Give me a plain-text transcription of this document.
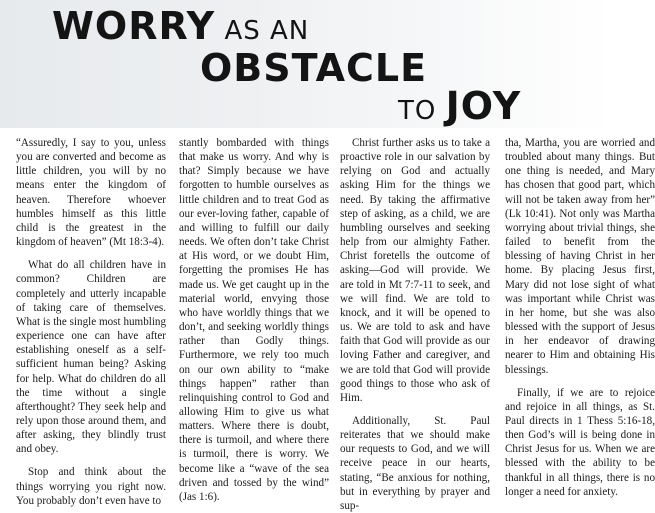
WORRY AS AN
OBSTACLE
TO JOY

“Assuredly, I say to you, unless you are converted and become as little children, you will by no means enter the kingdom of heaven. Therefore whoever humbles himself as this little child is the greatest in the kingdom of heaven” (Mt 18:3-4).

What do all children have in common? Children are completely and utterly incapable of taking care of themselves. What is the single most humbling experience one can have after establishing oneself as a self-sufficient human being? Asking for help. What do children do all the time without a single afterthought? They seek help and rely upon those around them, and after asking, they blindly trust and obey.

Stop and think about the things worrying you right now. You probably don’t even have to

stantly bombarded with things that make us worry. And why is that? Simply because we have forgotten to humble ourselves as little children and to treat God as our ever-loving father, capable of and willing to fulfill our daily needs. We often don’t take Christ at His word, or we doubt Him, forgetting the promises He has made us. We get caught up in the material world, envying those who have worldly things that we don’t, and seeking worldly things rather than Godly things. Furthermore, we rely too much on our own ability to “make things happen” rather than relinquishing control to God and allowing Him to give us what matters. Where there is doubt, there is turmoil, and where there is turmoil, there is worry. We become like a “wave of the sea driven and tossed by the wind” (Jas 1:6).

Christ further asks us to take a proactive role in our salvation by relying on God and actually asking Him for the things we need. By taking the affirmative step of asking, as a child, we are humbling ourselves and seeking help from our almighty Father. Christ foretells the outcome of asking—God will provide. We are told in Mt 7:7-11 to seek, and we will find. We are told to knock, and it will be opened to us. We are told to ask and have faith that God will provide as our loving Father and caregiver, and we are told that God will provide good things to those who ask of Him.

Additionally, St. Paul reiterates that we should make our requests to God, and we will receive peace in our hearts, stating, “Be anxious for nothing, but in everything by prayer and sup-

tha, Martha, you are worried and troubled about many things. But one thing is needed, and Mary has chosen that good part, which will not be taken away from her” (Lk 10:41). Not only was Martha worrying about trivial things, she failed to benefit from the blessing of having Christ in her home. By placing Jesus first, Mary did not lose sight of what was important while Christ was in her home, but she was also blessed with the support of Jesus in her endeavor of drawing nearer to Him and obtaining His blessings.

Finally, if we are to rejoice and rejoice in all things, as St. Paul directs in 1 Thess 5:16-18, then God’s will is being done in Christ Jesus for us. When we are blessed with the ability to be thankful in all things, there is no longer a need for anxiety.
